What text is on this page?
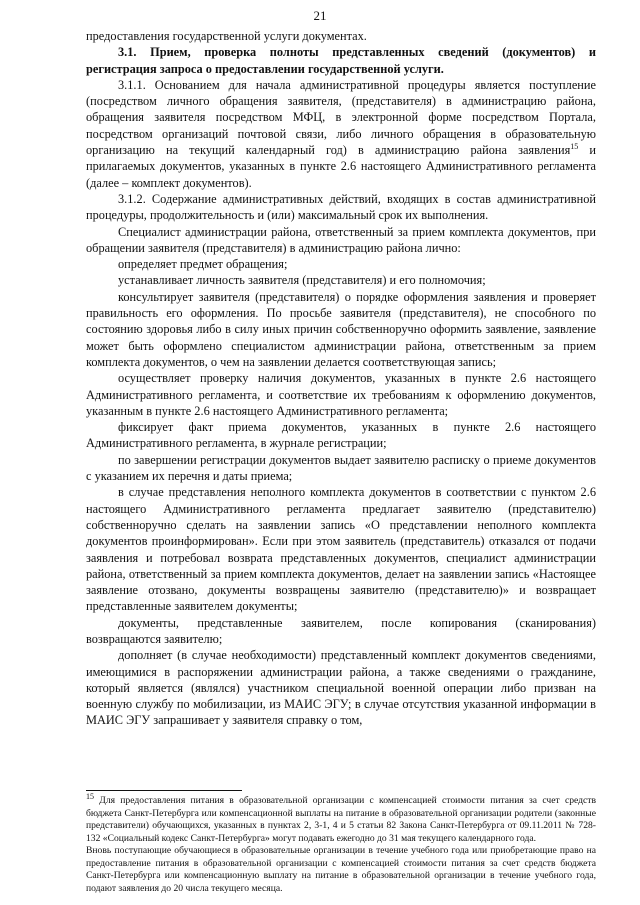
21

предоставления государственной услуги документах.

3.1. Прием, проверка полноты представленных сведений (документов) и регистрация запроса о предоставлении государственной услуги.

3.1.1. Основанием для начала административной процедуры является поступление (посредством личного обращения заявителя, (представителя) в администрацию района, обращения заявителя посредством МФЦ, в электронной форме посредством Портала, посредством организаций почтовой связи, либо личного обращения в образовательную организацию на текущий календарный год) в администрацию района заявления$^{15}$ и прилагаемых документов, указанных в пункте 2.6 настоящего Административного регламента (далее – комплект документов).

3.1.2. Содержание административных действий, входящих в состав административной процедуры, продолжительность и (или) максимальный срок их выполнения.

Специалист администрации района, ответственный за прием комплекта документов, при обращении заявителя (представителя) в администрацию района лично:

определяет предмет обращения;

устанавливает личность заявителя (представителя) и его полномочия;

консультирует заявителя (представителя) о порядке оформления заявления и проверяет правильность его оформления. По просьбе заявителя (представителя), не способного по состоянию здоровья либо в силу иных причин собственноручно оформить заявление, заявление может быть оформлено специалистом администрации района, ответственным за прием комплекта документов, о чем на заявлении делается соответствующая запись;

осуществляет проверку наличия документов, указанных в пункте 2.6 настоящего Административного регламента, и соответствие их требованиям к оформлению документов, указанным в пункте 2.6 настоящего Административного регламента;

фиксирует факт приема документов, указанных в пункте 2.6 настоящего Административного регламента, в журнале регистрации;

по завершении регистрации документов выдает заявителю расписку о приеме документов с указанием их перечня и даты приема;

в случае представления неполного комплекта документов в соответствии с пунктом 2.6 настоящего Административного регламента предлагает заявителю (представителю) собственноручно сделать на заявлении запись «О представлении неполного комплекта документов проинформирован». Если при этом заявитель (представитель) отказался от подачи заявления и потребовал возврата представленных документов, специалист администрации района, ответственный за прием комплекта документов, делает на заявлении запись «Настоящее заявление отозвано, документы возвращены заявителю (представителю)» и возвращает представленные заявителем документы;

документы, представленные заявителем, после копирования (сканирования) возвращаются заявителю;

дополняет (в случае необходимости) представленный комплект документов сведениями, имеющимися в распоряжении администрации района, а также сведениями о гражданине, который является (являлся) участником специальной военной операции либо призван на военную службу по мобилизации, из МАИС ЭГУ; в случае отсутствия указанной информации в МАИС ЭГУ запрашивает у заявителя справку о том,

$^{15}$ Для предоставления питания в образовательной организации с компенсацией стоимости питания за счет средств бюджета Санкт-Петербурга или компенсационной выплаты на питание в образовательной организации родители (законные представители) обучающихся, указанных в пунктах 2, 3-1, 4 и 5 статьи 82 Закона Санкт-Петербурга от 09.11.2011 № 728-132 «Социальный кодекс Санкт-Петербурга» могут подавать ежегодно до 31 мая текущего календарного года.

Вновь поступающие обучающиеся в образовательные организации в течение учебного года или приобретающие право на предоставление питания в образовательной организации с компенсацией стоимости питания за счет средств бюджета Санкт-Петербурга или компенсационную выплату на питание в образовательной организации в течение учебного года, подают заявления до 20 числа текущего месяца.
